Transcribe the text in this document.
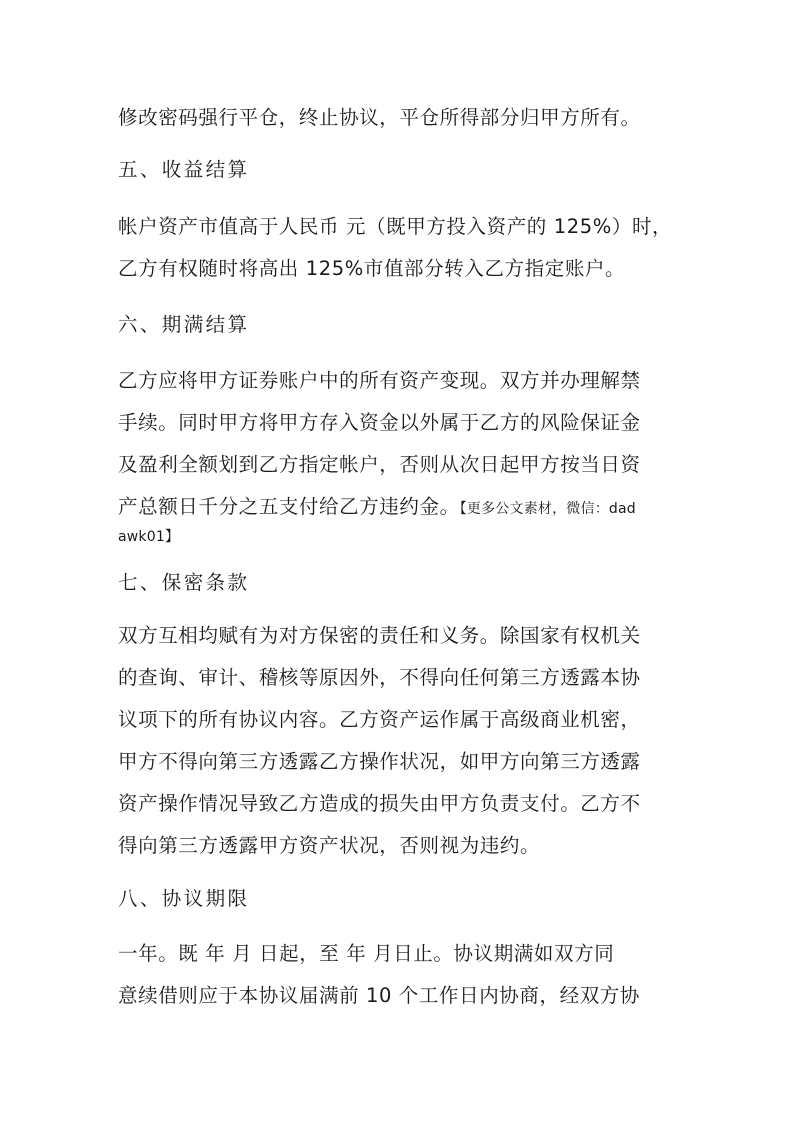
修改密码强行平仓，终止协议，平仓所得部分归甲方所有。
五、收益结算
帐户资产市值高于人民币 元（既甲方投入资产的 125%）时，
乙方有权随时将高出 125%市值部分转入乙方指定账户。
六、期满结算
乙方应将甲方证券账户中的所有资产变现。双方并办理解禁
手续。同时甲方将甲方存入资金以外属于乙方的风险保证金
及盈利全额划到乙方指定帐户，否则从次日起甲方按当日资
产总额日千分之五支付给乙方违约金。【更多公文素材，微信：dad
awk01】
七、保密条款
双方互相均赋有为对方保密的责任和义务。除国家有权机关
的查询、审计、稽核等原因外，不得向任何第三方透露本协
议项下的所有协议内容。乙方资产运作属于高级商业机密，
甲方不得向第三方透露乙方操作状况，如甲方向第三方透露
资产操作情况导致乙方造成的损失由甲方负责支付。乙方不
得向第三方透露甲方资产状况，否则视为违约。
八、协议期限
一年。既 年 月 日起，至 年 月日止。协议期满如双方同
意续借则应于本协议届满前 10 个工作日内协商，经双方协
